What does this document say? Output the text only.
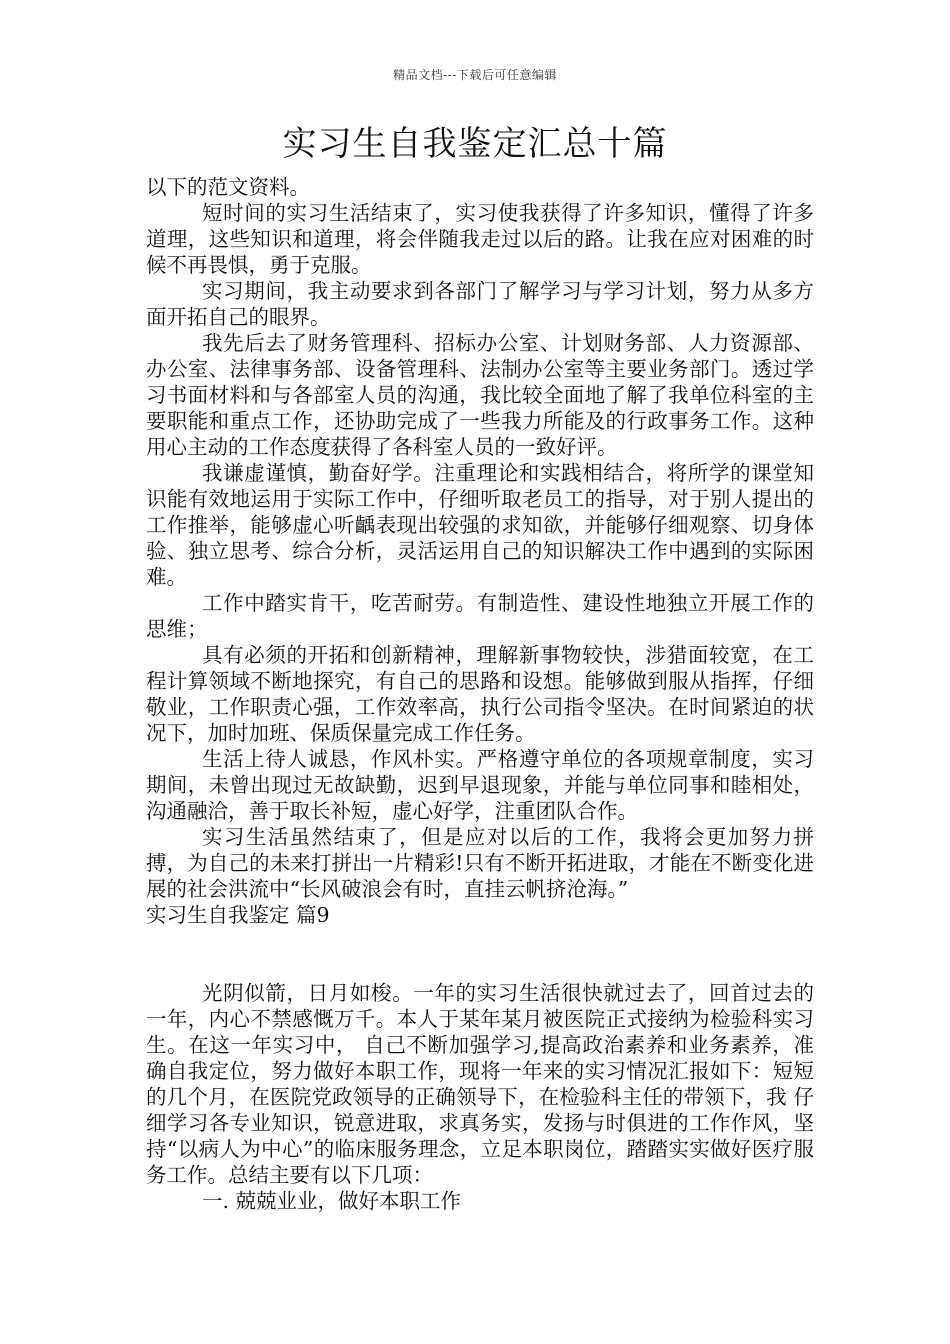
精品文档---下载后可任意编辑
实习生自我鉴定汇总十篇

以下的范文资料。

短时间的实习生活结束了，实习使我获得了许多知识，懂得了许多道理，这些知识和道理，将会伴随我走过以后的路。让我在应对困难的时候不再畏惧，勇于克服。

实习期间，我主动要求到各部门了解学习与学习计划，努力从多方面开拓自己的眼界。

我先后去了财务管理科、招标办公室、计划财务部、人力资源部、办公室、法律事务部、设备管理科、法制办公室等主要业务部门。透过学习书面材料和与各部室人员的沟通，我比较全面地了解了我单位科室的主要职能和重点工作，还协助完成了一些我力所能及的行政事务工作。这种用心主动的工作态度获得了各科室人员的一致好评。

我谦虚谨慎，勤奋好学。注重理论和实践相结合，将所学的课堂知识能有效地运用于实际工作中，仔细听取老员工的指导，对于别人提出的工作推举，能够虚心听齲表现出较强的求知欲，并能够仔细观察、切身体验、独立思考、综合分析，灵活运用自己的知识解决工作中遇到的实际困难。

工作中踏实肯干，吃苦耐劳。有制造性、建设性地独立开展工作的思维；

具有必须的开拓和创新精神，理解新事物较快，涉猎面较宽，在工程计算领域不断地探究，有自己的思路和设想。能够做到服从指挥，仔细敬业，工作职责心强，工作效率高，执行公司指令坚决。在时间紧迫的状况下，加时加班、保质保量完成工作任务。

生活上待人诚恳，作风朴实。严格遵守单位的各项规章制度，实习期间，未曾出现过无故缺勤，迟到早退现象，并能与单位同事和睦相处，沟通融洽，善于取长补短，虚心好学，注重团队合作。

实习生活虽然结束了，但是应对以后的工作，我将会更加努力拼搏，为自己的未来打拼出一片精彩!只有不断开拓进取，才能在不断变化进展的社会洪流中“长风破浪会有时，直挂云帆挤沧海。”

实习生自我鉴定 篇9

光阴似箭，日月如梭。一年的实习生活很快就过去了，回首过去的一年，内心不禁感慨万千。本人于某年某月被医院正式接纳为检验科实习生。在这一年实习中， 自己不断加强学习,提高政治素养和业务素养，准确自我定位，努力做好本职工作，现将一年来的实习情况汇报如下：短短的几个月，在医院党政领导的正确领导下，在检验科主任的带领下，我 仔细学习各专业知识，锐意进取，求真务实，发扬与时俱进的工作作风，坚持“以病人为中心”的临床服务理念，立足本职岗位，踏踏实实做好医疗服务工作。总结主要有以下几项：

一. 兢兢业业，做好本职工作
